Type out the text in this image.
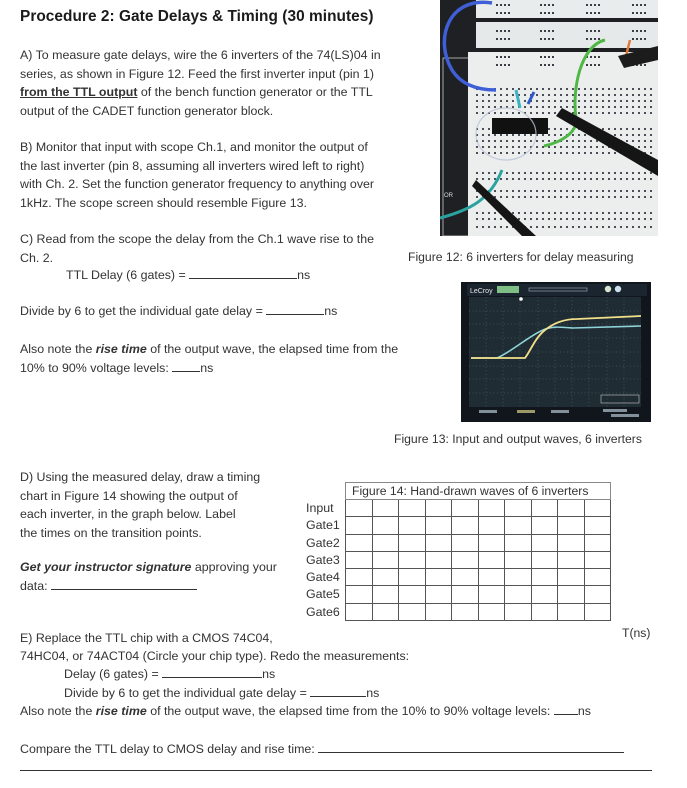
Procedure 2: Gate Delays & Timing (30 minutes)
A) To measure gate delays, wire the 6 inverters of the 74(LS)04 in
series, as shown in Figure 12. Feed the first inverter input (pin 1)
from the TTL output of the bench function generator or the TTL
output of the CADET function generator block.
B) Monitor that input with scope Ch.1, and monitor the output of
the last inverter (pin 8, assuming all inverters wired left to right)
with Ch. 2. Set the function generator frequency to anything over
1kHz. The scope screen should resemble Figure 13.
C) Read from the scope the delay from the Ch.1 wave rise to the
Ch. 2.
TTL Delay (6 gates) =	ns
Divide by 6 to get the individual gate delay =	ns
Also note the rise time of the output wave, the elapsed time from the
10% to 90% voltage levels: ns
OR
Figure 12: 6 inverters for delay measuring
LeCroy
Figure 13: Input and output waves, 6 inverters
D) Using the measured delay, draw a timing
chart in Figure 14 showing the output of
each inverter, in the graph below. Label
the times on the transition points.
Get your instructor signature approving your
data:
Input
Gate1
Gate2
Gate3
Gate4
Gate5
Gate6
Figure 14: Hand-drawn waves of 6 inverters									

T(ns)
E) Replace the TTL chip with a CMOS 74C04,
74HC04, or 74ACT04 (Circle your chip type). Redo the measurements:
Delay (6 gates) =	ns
Divide by 6 to get the individual gate delay =	ns
Also note the rise time of the output wave, the elapsed time from the 10% to 90% voltage levels: ns
Compare the TTL delay to CMOS delay and rise time:
